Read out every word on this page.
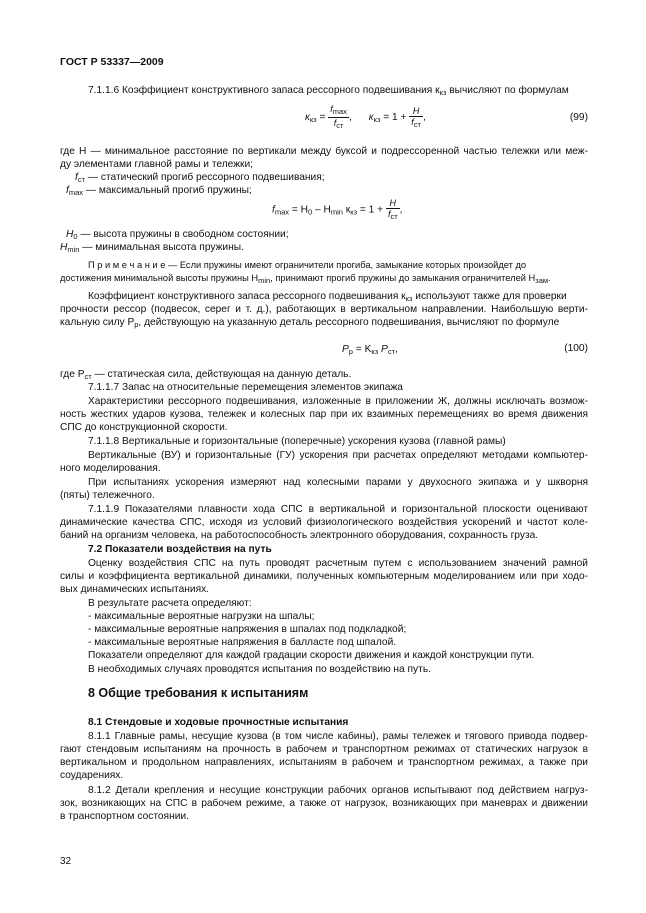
ГОСТ Р 53337—2009
7.1.1.6 Коэффициент конструктивного запаса рессорного подвешивания $к_{кз}$ вычисляют по формулам
$к_{кз} = \frac{f_{max}}{f_{ст}}$ , $к_{кз} = 1 + \frac{H}{f_{ст}}$ ,	(99)
где H — минимальное расстояние по вертикали между буксой и подрессоренной частью тележки или меж-
ду элементами главной рамы и тележки;
$f_{ст}$ — статический прогиб рессорного подвешивания;
$f_{max}$ — максимальный прогиб пружины;
$f_{max} = H_0 - H_{min}$ $к_{кз} = 1 + \frac{H}{f_{ст}}$ ,
$H_0$ — высота пружины в свободном состоянии;
$H_{min}$ — минимальная высота пружины.
П р и м е ч а н и е — Если пружины имеют ограничители прогиба, замыкание которых произойдет до
достижения минимальной высоты пружины $H_{min}$, принимают прогиб пружины до замыкания ограничителей $H_{зам}$.
Коэффициент конструктивного запаса рессорного подвешивания $к_{кз}$ используют также для проверки
прочности рессор (подвесок, серег и т. д.), работающих в вертикальном направлении. Наибольшую верти-
кальную силу $P_р$, действующую на указанную деталь рессорного подвешивания, вычисляют по формуле
$P_р = K_{кз}$ $P_{ст}$,	(100)
где $P_{ст}$ — статическая сила, действующая на данную деталь.
7.1.1.7 Запас на относительные перемещения элементов экипажа
Характеристики рессорного подвешивания, изложенные в приложении Ж, должны исключать возмож-
ность жестких ударов кузова, тележек и колесных пар при их взаимных перемещениях во время движения
СПС до конструкционной скорости.
7.1.1.8 Вертикальные и горизонтальные (поперечные) ускорения кузова (главной рамы)
Вертикальные (ВУ) и горизонтальные (ГУ) ускорения при расчетах определяют методами компьютер-
ного моделирования.
При испытаниях ускорения измеряют над колесными парами у двухосного экипажа и у шкворня
(пяты) тележечного.
7.1.1.9 Показателями плавности хода СПС в вертикальной и горизонтальной плоскости оценивают
динамические качества СПС, исходя из условий физиологического воздействия ускорений и частот коле-
баний на организм человека, на работоспособность электронного оборудования, сохранность груза.
7.2 Показатели воздействия на путь
Оценку воздействия СПС на путь проводят расчетным путем с использованием значений рамной
силы и коэффициента вертикальной динамики, полученных компьютерным моделированием или при ходо-
вых динамических испытаниях.
В результате расчета определяют:
- максимальные вероятные нагрузки на шпалы;
- максимальные вероятные напряжения в шпалах под подкладкой;
- максимальные вероятные напряжения в балласте под шпалой.
Показатели определяют для каждой градации скорости движения и каждой конструкции пути.
В необходимых случаях проводятся испытания по воздействию на путь.
8 Общие требования к испытаниям
8.1 Стендовые и ходовые прочностные испытания
8.1.1 Главные рамы, несущие кузова (в том числе кабины), рамы тележек и тягового привода подвер-
гают стендовым испытаниям на прочность в рабочем и транспортном режимах от статических нагрузок в
вертикальном и продольном направлениях, испытаниям в рабочем и транспортном режимах, а также при
соударениях.
8.1.2 Детали крепления и несущие конструкции рабочих органов испытывают под действием нагруз-
зок, возникающих на СПС в рабочем режиме, а также от нагрузок, возникающих при маневрах и движении
в транспортном состоянии.
32
